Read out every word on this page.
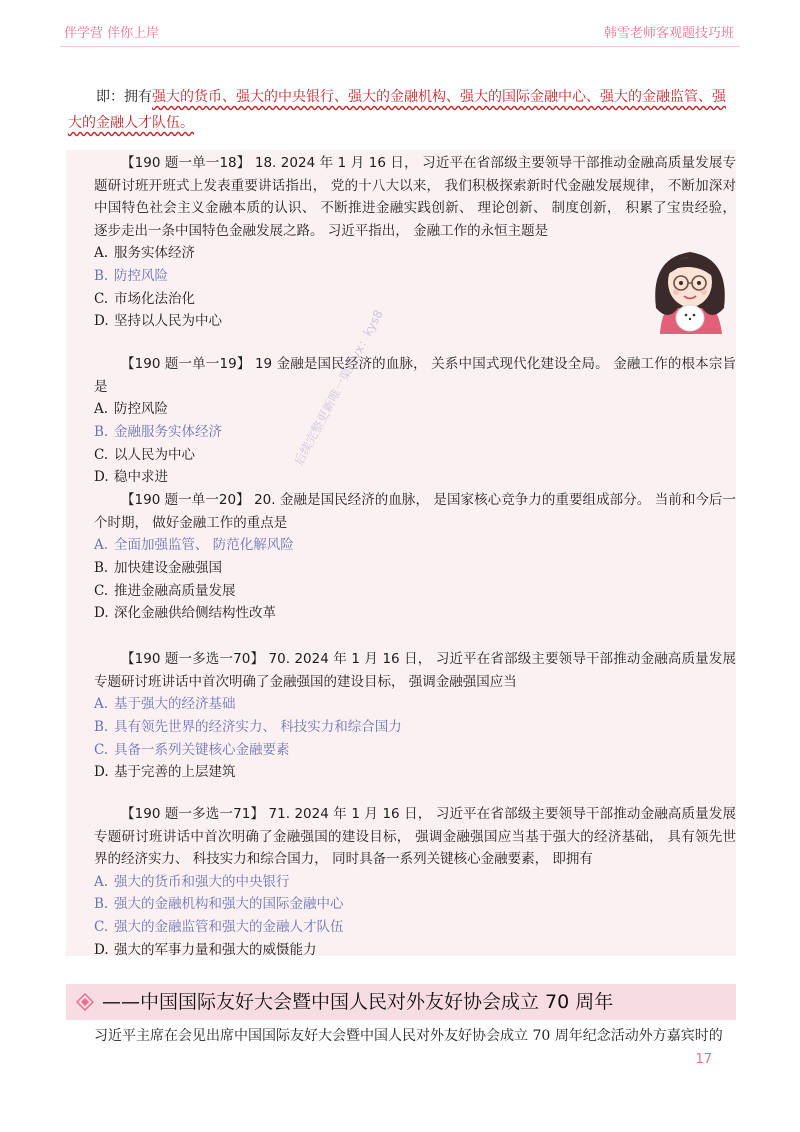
伴学营 伴你上岸	韩雪老师客观题技巧班
即：拥有强大的货币、强大的中央银行、强大的金融机构、强大的国际金融中心、强大的金融监管、强大的金融人才队伍。

【190 题一单一18】 18. 2024 年 1 月 16 日， 习近平在省部级主要领导干部推动金融高质量发展专题研讨班开班式上发表重要讲话指出， 党的十八大以来， 我们积极探索新时代金融发展规律， 不断加深对中国特色社会主义金融本质的认识、 不断推进金融实践创新、 理论创新、 制度创新， 积累了宝贵经验， 逐步走出一条中国特色金融发展之路。 习近平指出， 金融工作的永恒主题是

A. 服务实体经济
B. 防控风险
C. 市场化法治化
D. 坚持以人民为中心

【190 题一单一19】 19 金融是国民经济的血脉， 关系中国式现代化建设全局。 金融工作的根本宗旨是

A. 防控风险
B. 金融服务实体经济
C. 以人民为中心
D. 稳中求进

【190 题一单一20】 20. 金融是国民经济的血脉， 是国家核心竞争力的重要组成部分。 当前和今后一个时期， 做好金融工作的重点是

A. 全面加强监管、 防范化解风险
B. 加快建设金融强国
C. 推进金融高质量发展
D. 深化金融供给侧结构性改革

【190 题一多选一70】 70. 2024 年 1 月 16 日， 习近平在省部级主要领导干部推动金融高质量发展专题研讨班讲话中首次明确了金融强国的建设目标， 强调金融强国应当

A. 基于强大的经济基础
B. 具有领先世界的经济实力、 科技实力和综合国力
C. 具备一系列关键核心金融要素
D. 基于完善的上层建筑

【190 题一多选一71】 71. 2024 年 1 月 16 日， 习近平在省部级主要领导干部推动金融高质量发展专题研讨班讲话中首次明确了金融强国的建设目标， 强调金融强国应当基于强大的经济基础， 具有领先世界的经济实力、 科技实力和综合国力， 同时具备一系列关键核心金融要素， 即拥有

A. 强大的货币和强大的中央银行
B. 强大的金融机构和强大的国际金融中心
C. 强大的金融监管和强大的金融人才队伍
D. 强大的军事力量和强大的威慑能力
后续完整更新唯一渠道vx：kys8
——中国国际友好大会暨中国人民对外友好协会成立 70 周年
习近平主席在会见出席中国国际友好大会暨中国人民对外友好协会成立 70 周年纪念活动外方嘉宾时的
17
